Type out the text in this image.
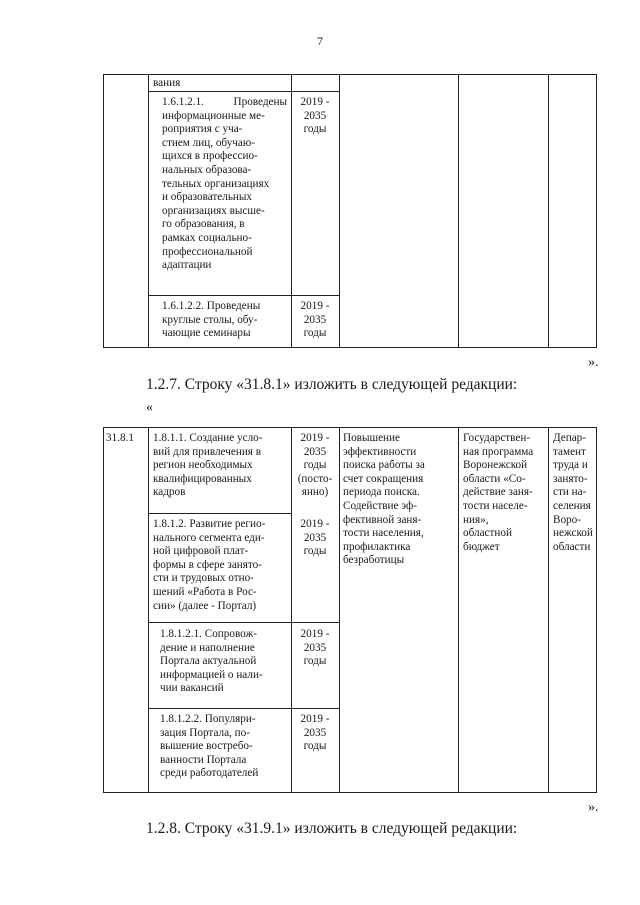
7

вания

1.6.1.2.1. Проведены информационные ме-
роприятия с уча-
стием лиц, обучаю-
щихся в профессио-
нальных образова-
тельных организациях
и образовательных
организациях высше-
го образования, в
рамках социально-
профессиональной
адаптации

2019 -
2035
годы

1.6.1.2.2. Проведены
круглые столы, обу-
чающие семинары

2019 -
2035
годы

».
1.2.7. Строку «31.8.1» изложить в следующей редакции:
«

31.8.1	1.8.1.1. Создание усло-
вий для привлечения в
регион необходимых
квалифицированных
кадров

2019 -
2035
годы
(посто-
янно)

1.8.1.2. Развитие регио-
нального сегмента еди-
ной цифровой плат-
формы в сфере занято-
сти и трудовых отно-
шений «Работа в Рос-
сии» (далее - Портал)

2019 -
2035
годы

1.8.1.2.1. Сопровож-
дение и наполнение
Портала актуальной
информацией о нали-
чии вакансий

2019 -
2035
годы

1.8.1.2.2. Популяри-
зация Портала, по-
вышение востребо-
ванности Портала
среди работодателей

2019 -
2035
годы

Повышение
эффективности
поиска работы за
счет сокращения
периода поиска.
Содействие эф-
фективной заня-
тости населения,
профилактика
безработицы

Государствен-
ная программа
Воронежской
области «Со-
действие заня-
тости населе-
ния»,
областной
бюджет

Депар-
тамент
труда и
занято-
сти на-
селения
Воро-
нежской
области

».
1.2.8. Строку «31.9.1» изложить в следующей редакции:
